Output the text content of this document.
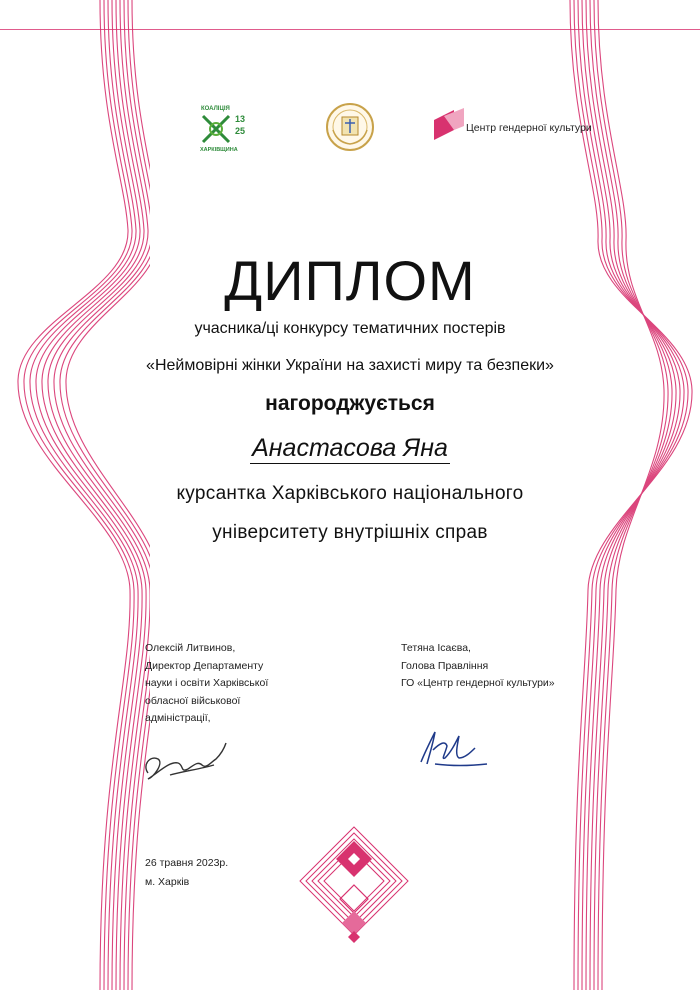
КОАЛІЦІЯ
13
25
ХАРКІВЩИНА
Центр гендерної культури
ДИПЛОМ
учасника/ці конкурсу тематичних постерів
«Неймовірні жінки України на захисті миру та безпеки»
нагороджується
Анастасова Яна
курсантка Харківського національного
університету внутрішніх справ
Олексій Литвинов,
Директор Департаменту
науки і освіти Харківської
обласної військової
адміністрації,
Тетяна Ісаєва,
Голова Правління
ГО «Центр гендерної культури»
26 травня 2023р.
м. Харків
